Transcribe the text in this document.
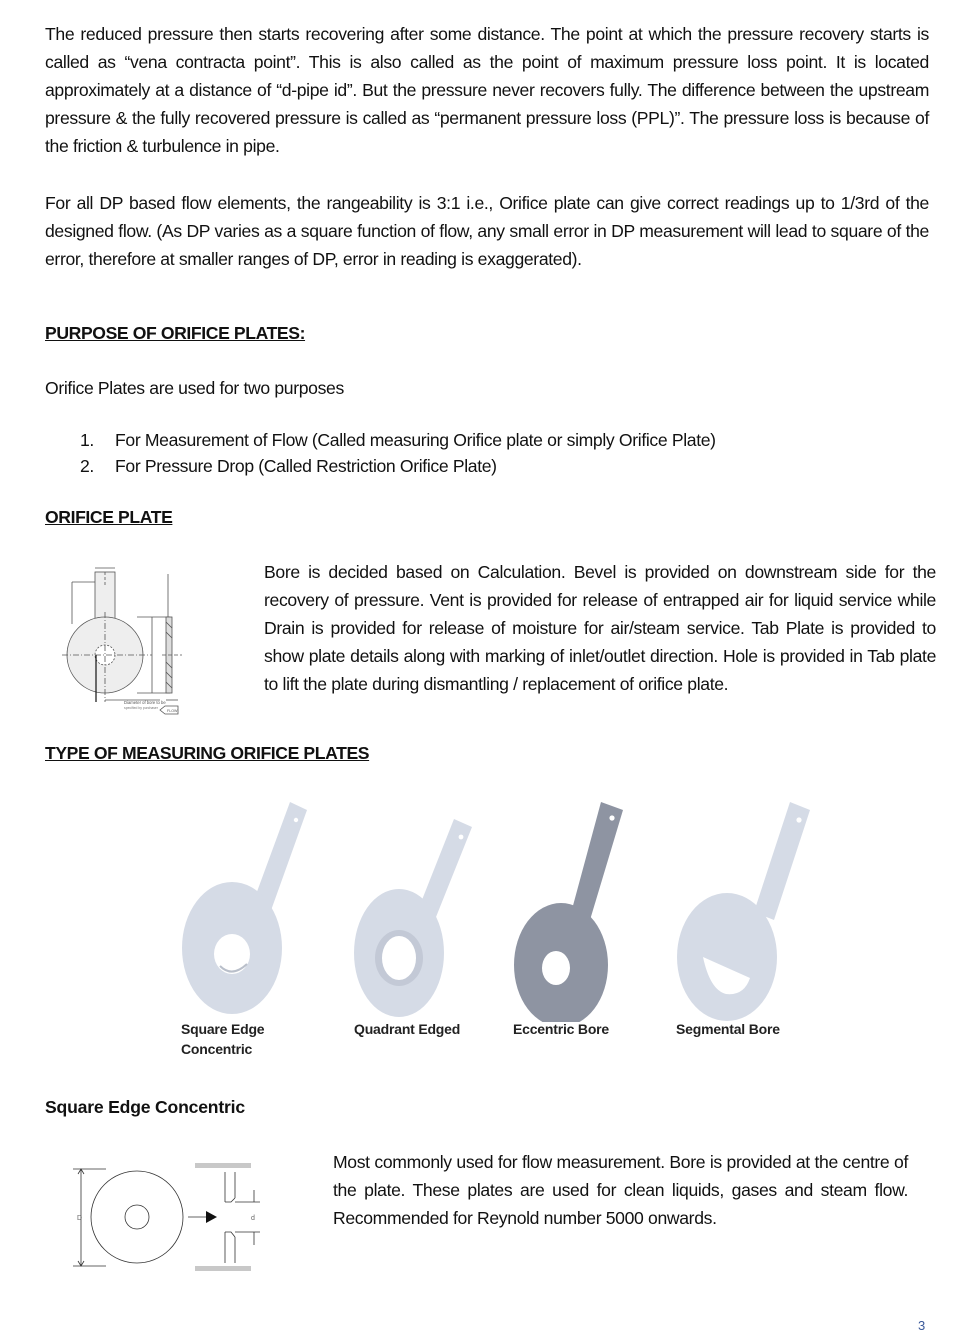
The reduced pressure then starts recovering after some distance. The point at which the pressure recovery starts is called as “vena contracta point”. This is also called as the point of maximum pressure loss point. It is located approximately at a distance of “d-pipe id”. But the pressure never recovers fully. The difference between the upstream pressure & the fully recovered pressure is called as “permanent pressure loss (PPL)”. The pressure loss is because of the friction & turbulence in pipe.
For all DP based flow elements, the rangeability is 3:1 i.e., Orifice plate can give correct readings up to 1/3rd of the designed flow. (As DP varies as a square function of flow, any small error in DP measurement will lead to square of the error, therefore at smaller ranges of DP, error in reading is exaggerated).
PURPOSE OF ORIFICE PLATES:
Orifice Plates are used for two purposes
1.	For Measurement of Flow (Called measuring Orifice plate or simply Orifice Plate)
2.	For Pressure Drop (Called Restriction Orifice Plate)
ORIFICE PLATE
Diameter of bore to be
specified by purchaser
FLOW
Bore is decided based on Calculation. Bevel is provided on downstream side for the recovery of pressure. Vent is provided for release of entrapped air for liquid service while Drain is provided for release of moisture for air/steam service. Tab Plate is provided to show plate details along with marking of inlet/outlet direction. Hole is provided in Tab plate to lift the plate during dismantling / replacement of orifice plate.
TYPE OF MEASURING ORIFICE PLATES
Square Edge
Concentric
Quadrant Edged	Eccentric Bore	Segmental Bore
Square Edge Concentric
D	d
Most commonly used for flow measurement. Bore is provided at the centre of the plate. These plates are used for clean liquids, gases and steam flow. Recommended for Reynold number 5000 onwards.
3
